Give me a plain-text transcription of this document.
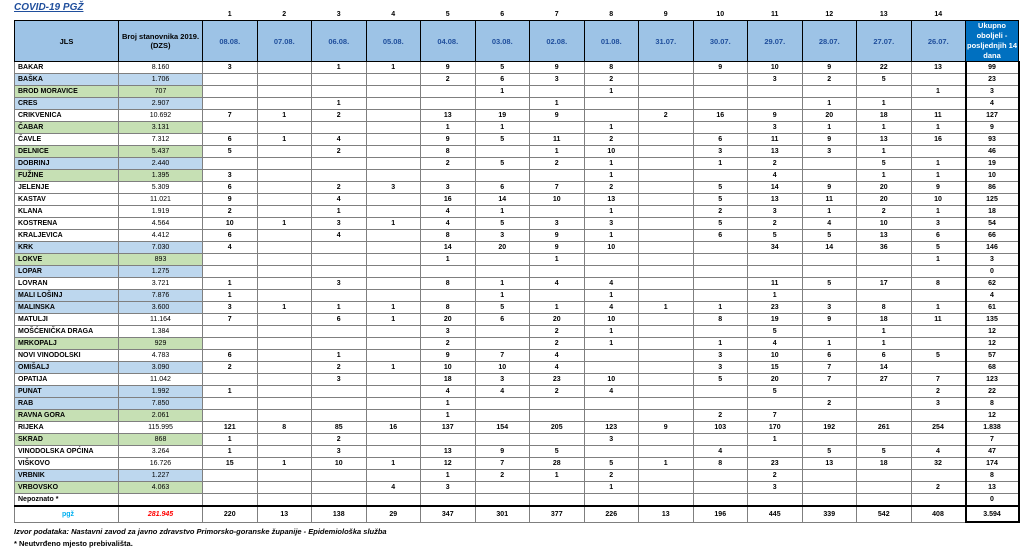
COVID-19 PGŽ
		1	2	3	4	5	6	7	8	9	10	11	12	13	14	
JLS	Broj stanovnika 2019. (DZS)	08.08.	07.08.	06.08.	05.08.	04.08.	03.08.	02.08.	01.08.	31.07.	30.07.	29.07.	28.07.	27.07.	26.07.	Ukupno oboljeli - posljednjih 14 dana
BAKAR	8.160	3		1	1	9	5	9	8		9	10	9	22	13	99
BAŠKA	1.706					2	6	3	2			3	2	5		23
BROD MORAVICE	707						1		1						1	3
CRES	2.907			1				1					1	1		4
CRIKVENICA	10.692	7	1	2		13	19	9		2	16	9	20	18	11	127
ČABAR	3.131					1	1		1			3	1	1	1	9
ČAVLE	7.312	6	1	4		9	5	11	2		6	11	9	13	16	93
DELNICE	5.437	5		2		8		1	10		3	13	3	1		46
DOBRINJ	2.440					2	5	2	1		1	2		5	1	19
FUŽINE	1.395	3							1			4		1	1	10
JELENJE	5.309	6		2	3	3	6	7	2		5	14	9	20	9	86
KASTAV	11.021	9		4		16	14	10	13		5	13	11	20	10	125
KLANA	1.919	2		1		4	1		1		2	3	1	2	1	18
KOSTRENA	4.564	10	1	3	1	4	5	3	3		5	2	4	10	3	54
KRALJEVICA	4.412	6		4		8	3	9	1		6	5	5	13	6	66
KRK	7.030	4				14	20	9	10			34	14	36	5	146
LOKVE	893					1		1							1	3
LOPAR	1.275															0
LOVRAN	3.721	1		3		8	1	4	4			11	5	17	8	62
MALI LOŠINJ	7.876	1					1		1			1				4
MALINSKA	3.600	3	1	1	1	8	5	1	4	1	1	23	3	8	1	61
MATULJI	11.164	7		6	1	20	6	20	10		8	19	9	18	11	135
MOŠĆENIČKA DRAGA	1.384					3		2	1			5		1		12
MRKOPALJ	929					2		2	1		1	4	1	1		12
NOVI VINODOLSKI	4.783	6		1		9	7	4			3	10	6	6	5	57
OMIŠALJ	3.090	2		2	1	10	10	4			3	15	7	14		68
OPATIJA	11.042			3		18	3	23	10		5	20	7	27	7	123
PUNAT	1.992	1				4	4	2	4			5			2	22
RAB	7.850					1							2		3	8
RAVNA GORA	2.061					1					2	7				12
RIJEKA	115.995	121	8	85	16	137	154	205	123	9	103	170	192	261	254	1.838
SKRAD	868	1		2					3			1				7
VINODOLSKA OPĆINA	3.264	1		3		13	9	5			4		5	5	4	47
VIŠKOVO	16.726	15	1	10	1	12	7	28	5	1	8	23	13	18	32	174
VRBNIK	1.227					1	2	1	2			2				8
VRBOVSKO	4.063				4	3			1			3			2	13
Nepoznato *																0
pgž	281.945	220	13	138	29	347	301	377	226	13	196	445	339	542	408	3.594
Izvor podataka: Nastavni zavod za javno zdravstvo Primorsko-goranske županije - Epidemiološka služba
* Neutvrđeno mjesto prebivališta.
